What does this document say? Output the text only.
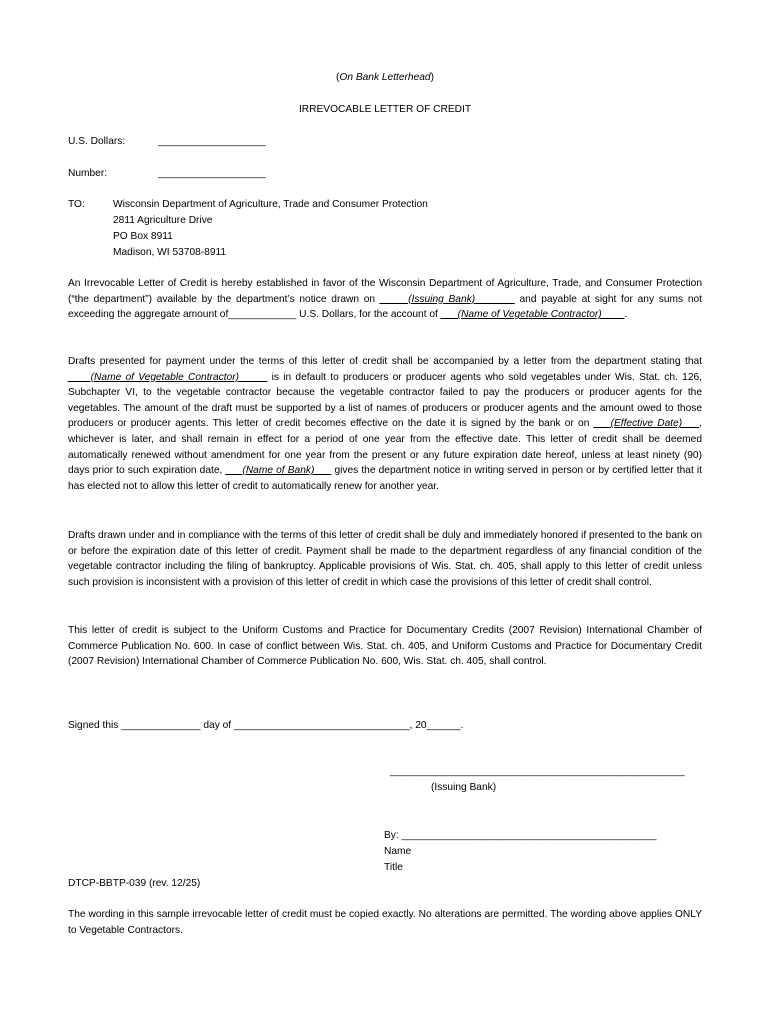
(On Bank Letterhead)
IRREVOCABLE LETTER OF CREDIT
U.S. Dollars:	___________________
Number:	___________________
TO:	Wisconsin Department of Agriculture, Trade and Consumer Protection
2811 Agriculture Drive
PO Box 8911
Madison, WI 53708-8911
An Irrevocable Letter of Credit is hereby established in favor of the Wisconsin Department of Agriculture, Trade, and Consumer Protection (“the department”) available by the department’s notice drawn on _____(Issuing Bank)_______ and payable at sight for any sums not exceeding the aggregate amount of____________ U.S. Dollars, for the account of ___(Name of Vegetable Contractor)____.
Drafts presented for payment under the terms of this letter of credit shall be accompanied by a letter from the department stating that ____(Name of Vegetable Contractor)_____ is in default to producers or producer agents who sold vegetables under Wis. Stat. ch. 126, Subchapter VI, to the vegetable contractor because the vegetable contractor failed to pay the producers or producer agents for the vegetables. The amount of the draft must be supported by a list of names of producers or producer agents and the amount owed to those producers or producer agents. This letter of credit becomes effective on the date it is signed by the bank or on ___(Effective Date)___, whichever is later, and shall remain in effect for a period of one year from the effective date. This letter of credit shall be deemed automatically renewed without amendment for one year from the present or any future expiration date hereof, unless at least ninety (90) days prior to such expiration date, ___(Name of Bank)___ gives the department notice in writing served in person or by certified letter that it has elected not to allow this letter of credit to automatically renew for another year.
Drafts drawn under and in compliance with the terms of this letter of credit shall be duly and immediately honored if presented to the bank on or before the expiration date of this letter of credit. Payment shall be made to the department regardless of any financial condition of the vegetable contractor including the filing of bankruptcy. Applicable provisions of Wis. Stat. ch. 405, shall apply to this letter of credit unless such provision is inconsistent with a provision of this letter of credit in which case the provisions of this letter of credit shall control.
This letter of credit is subject to the Uniform Customs and Practice for Documentary Credits (2007 Revision) International Chamber of Commerce Publication No. 600. In case of conflict between Wis. Stat. ch. 405, and Uniform Customs and Practice for Documentary Credit (2007 Revision) International Chamber of Commerce Publication No. 600, Wis. Stat. ch. 405, shall control.
Signed this ______________ day of _______________________________, 20______.
____________________________________________________
(Issuing Bank)
By: _____________________________________________
Name
Title
DTCP-BBTP-039 (rev. 12/25)
The wording in this sample irrevocable letter of credit must be copied exactly. No alterations are permitted. The wording above applies ONLY to Vegetable Contractors.
